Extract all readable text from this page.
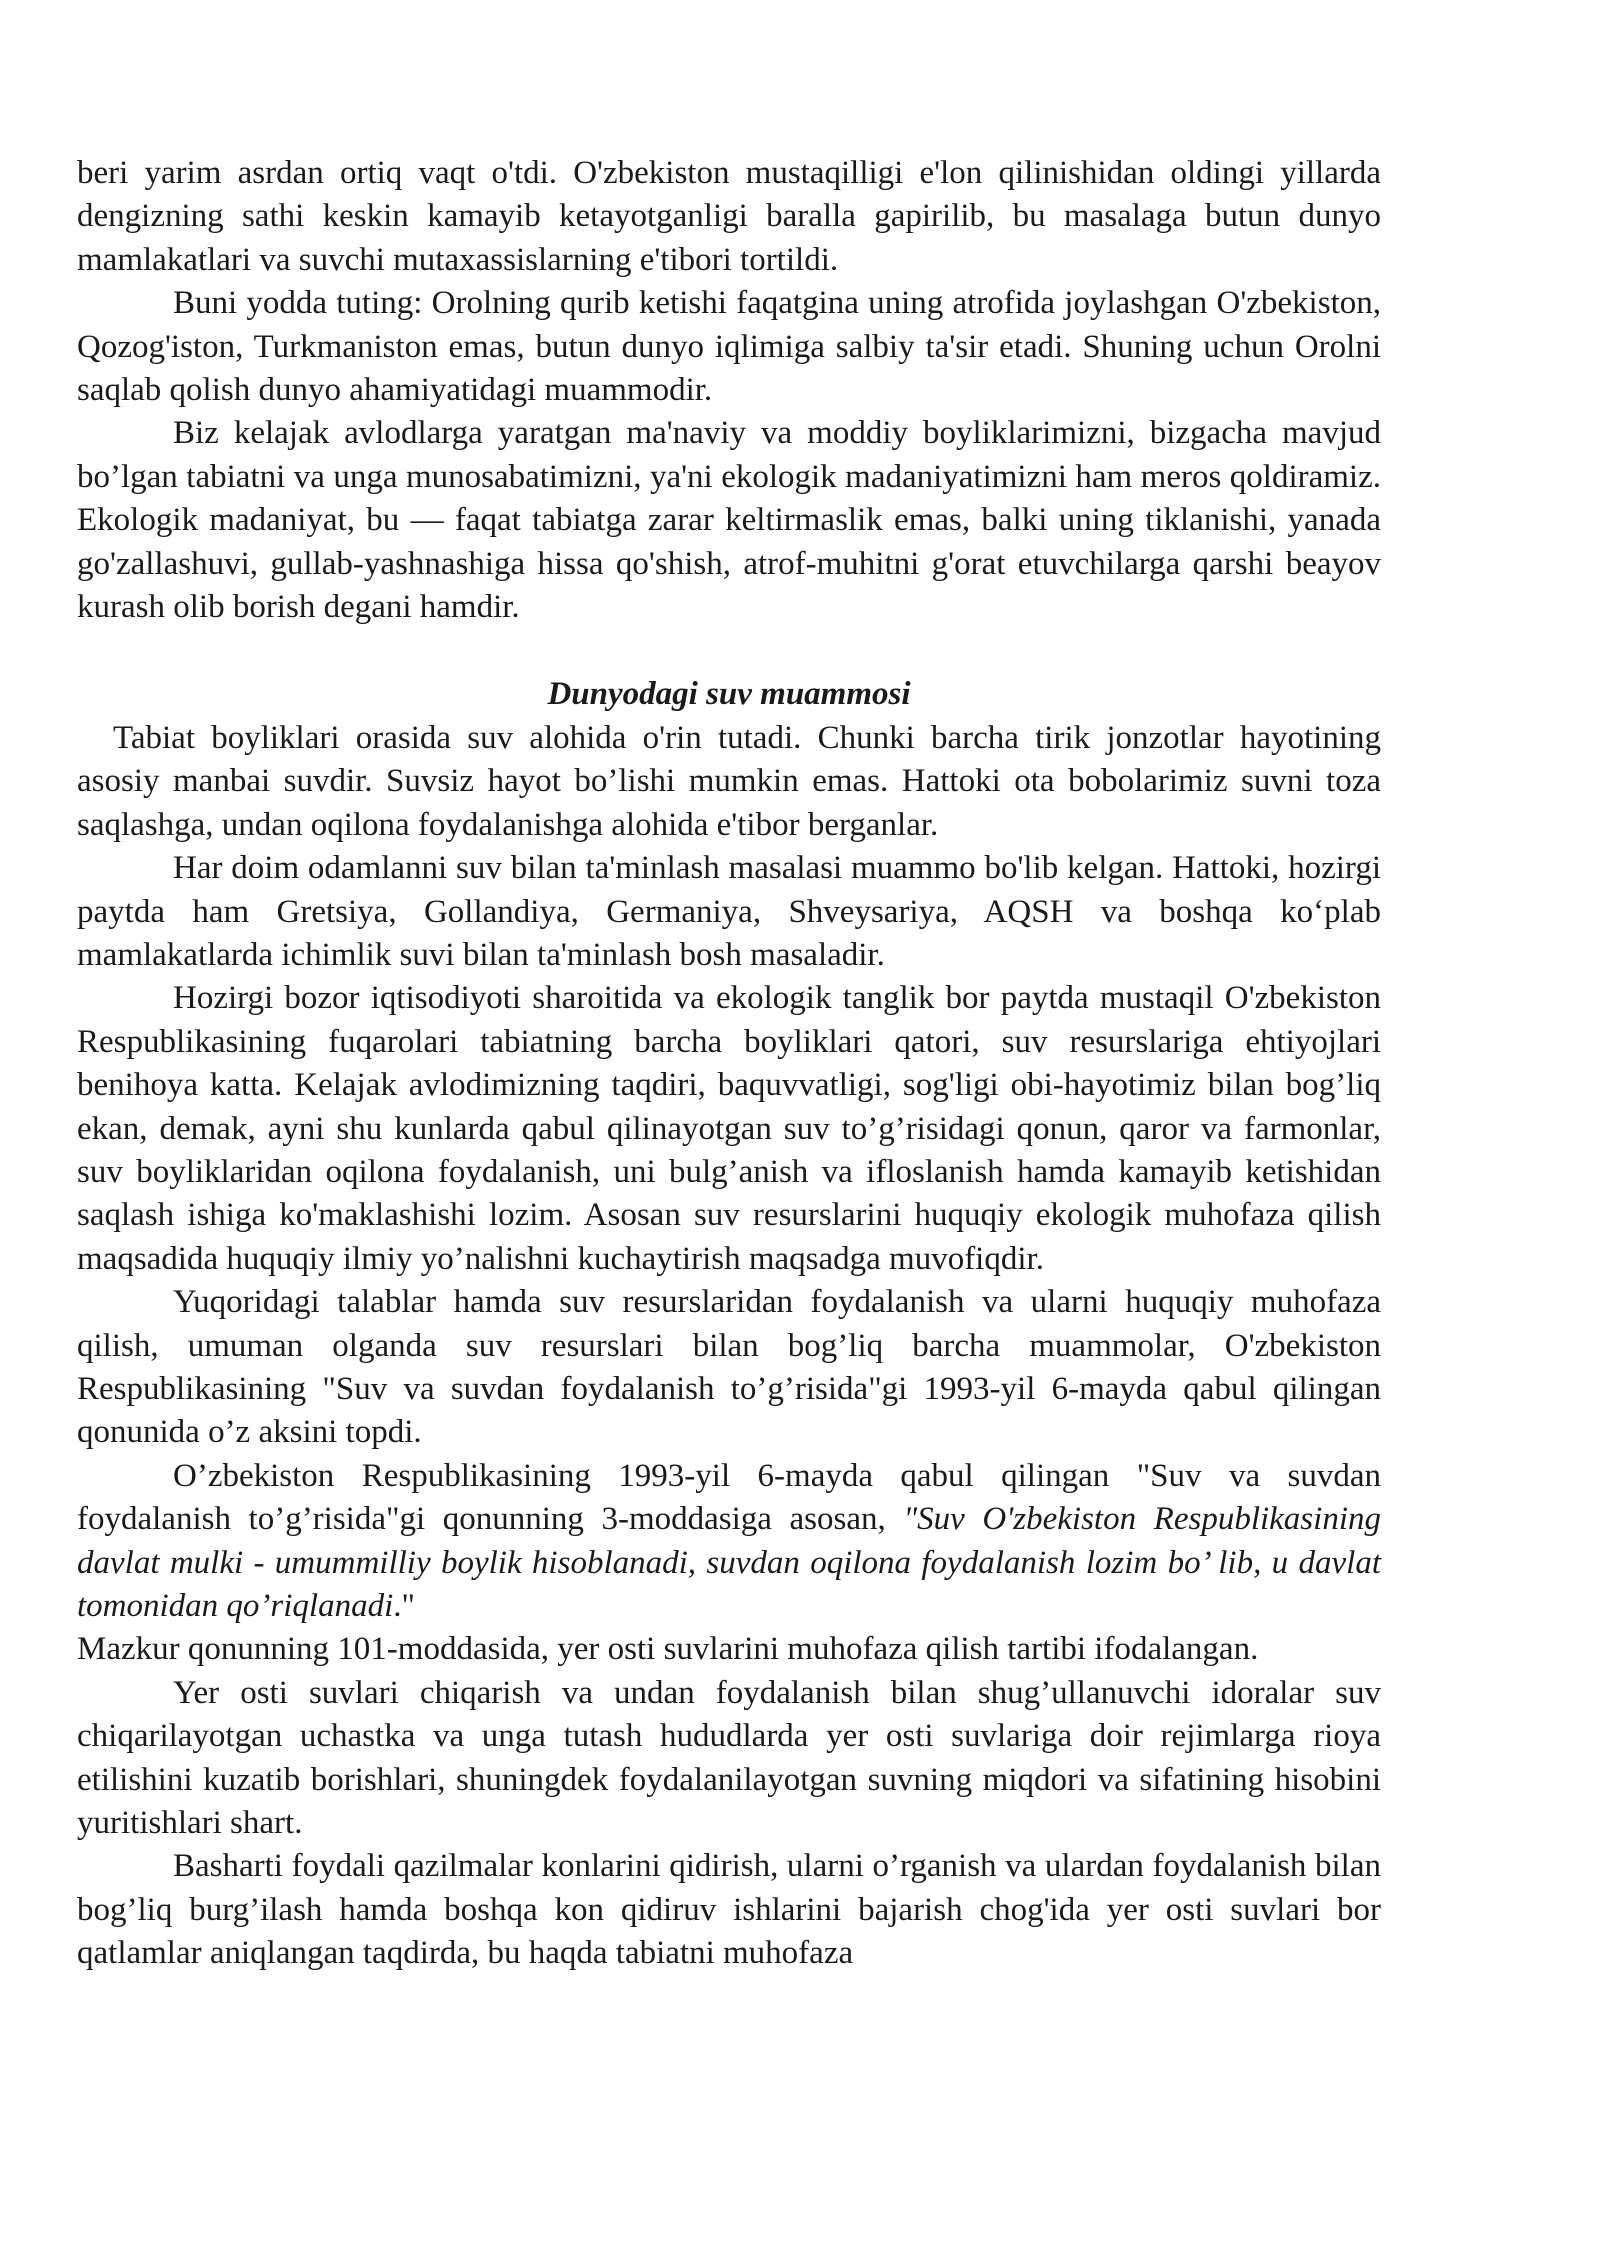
beri yarim asrdan ortiq vaqt o'tdi. O'zbekiston mustaqilligi e'lon qilinishidan oldingi yillarda dengizning sathi keskin kamayib ketayotganligi baralla gapirilib, bu masalaga butun dunyo mamlakatlari va suvchi mutaxassislarning e'tibori tortildi.

Buni yodda tuting: Orolning qurib ketishi faqatgina uning atrofida joylashgan O'zbekiston, Qozog'iston, Turkmaniston emas, butun dunyo iqlimiga salbiy ta'sir etadi. Shuning uchun Orolni saqlab qolish dunyo ahamiyatidagi muammodir.

Biz kelajak avlodlarga yaratgan ma'naviy va moddiy boyliklarimizni, bizgacha mavjud bo’lgan tabiatni va unga munosabatimizni, ya'ni ekologik madaniyatimizni ham meros qoldiramiz. Ekologik madaniyat, bu — faqat tabiatga zarar keltirmaslik emas, balki uning tiklanishi, yanada go'zallashuvi, gullab-yashnashiga hissa qo'shish, atrof-muhitni g'orat etuvchilarga qarshi beayov kurash olib borish degani hamdir.

Dunyodagi suv muammosi

Tabiat boyliklari orasida suv alohida o'rin tutadi. Chunki barcha tirik jonzotlar hayotining asosiy manbai suvdir. Suvsiz hayot bo’lishi mumkin emas. Hattoki ota bobolarimiz suvni toza saqlashga, undan oqilona foydalanishga alohida e'tibor berganlar.

Har doim odamlanni suv bilan ta'minlash masalasi muammo bo'lib kelgan. Hattoki, hozirgi paytda ham Gretsiya, Gollandiya, Germaniya, Shveysariya, AQSH va boshqa koʻplab mamlakatlarda ichimlik suvi bilan ta'minlash bosh masaladir.

Hozirgi bozor iqtisodiyoti sharoitida va ekologik tanglik bor paytda mustaqil O'zbekiston Respublikasining fuqarolari tabiatning barcha boyliklari qatori, suv resurslariga ehtiyojlari benihoya katta. Kelajak avlodimizning taqdiri, baquvvatligi, sog'ligi obi-hayotimiz bilan bog’liq ekan, demak, ayni shu kunlarda qabul qilinayotgan suv to’g’risidagi qonun, qaror va farmonlar, suv boyliklaridan oqilona foydalanish, uni bulg’anish va ifloslanish hamda kamayib ketishidan saqlash ishiga ko'maklashishi lozim. Asosan suv resurslarini huquqiy ekologik muhofaza qilish maqsadida huquqiy ilmiy yo’nalishni kuchaytirish maqsadga muvofiqdir.

Yuqoridagi talablar hamda suv resurslaridan foydalanish va ularni huquqiy muhofaza qilish, umuman olganda suv resurslari bilan bog’liq barcha muammolar, O'zbekiston Respublikasining "Suv va suvdan foydalanish to’g’risida"gi 1993-yil 6-mayda qabul qilingan qonunida o’z aksini topdi.

O’zbekiston Respublikasining 1993-yil 6-mayda qabul qilingan "Suv va suvdan foydalanish to’g’risida"gi qonunning 3-moddasiga asosan, "Suv O'zbekiston Respublikasining davlat mulki - umummilliy boylik hisoblanadi, suvdan oqilona foydalanish lozim bo’ lib, u davlat tomonidan qo’riqlanadi."

Mazkur qonunning 101-moddasida, yer osti suvlarini muhofaza qilish tartibi ifodalangan.

Yer osti suvlari chiqarish va undan foydalanish bilan shug’ullanuvchi idoralar suv chiqarilayotgan uchastka va unga tutash hududlarda yer osti suvlariga doir rejimlarga rioya etilishini kuzatib borishlari, shuningdek foydalanilayotgan suvning miqdori va sifatining hisobini yuritishlari shart.

Basharti foydali qazilmalar konlarini qidirish, ularni o’rganish va ulardan foydalanish bilan bog’liq burg’ilash hamda boshqa kon qidiruv ishlarini bajarish chog'ida yer osti suvlari bor qatlamlar aniqlangan taqdirda, bu haqda tabiatni muhofaza
